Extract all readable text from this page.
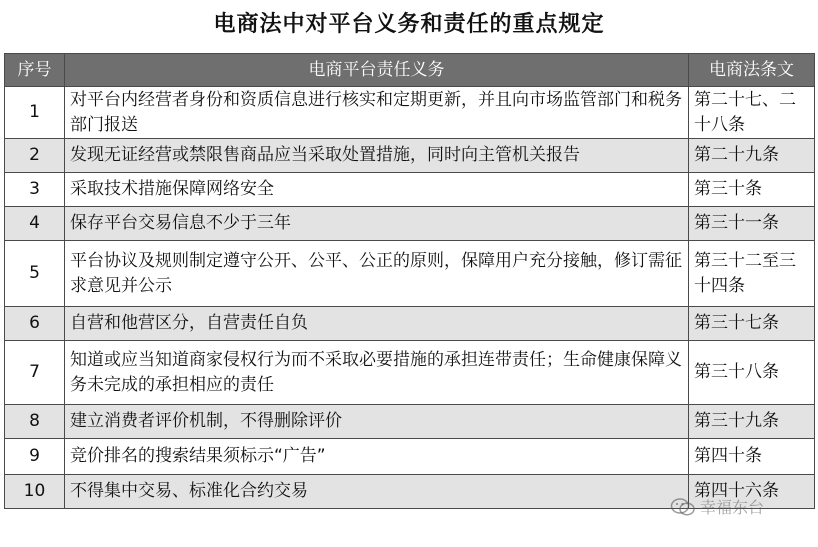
电商法中对平台义务和责任的重点规定
序号	电商平台责任义务	电商法条文
1	对平台内经营者身份和资质信息进行核实和定期更新，并且向市场监管部门和税务部门报送	第二十七、二十八条
2	发现无证经营或禁限售商品应当采取处置措施，同时向主管机关报告	第二十九条
3	采取技术措施保障网络安全	第三十条
4	保存平台交易信息不少于三年	第三十一条
5	平台协议及规则制定遵守公开、公平、公正的原则，保障用户充分接触，修订需征求意见并公示	第三十二至三十四条
6	自营和他营区分，自营责任自负	第三十七条
7	知道或应当知道商家侵权行为而不采取必要措施的承担连带责任；生命健康保障义务未完成的承担相应的责任	第三十八条
8	建立消费者评价机制，不得删除评价	第三十九条
9	竞价排名的搜索结果须标示“广告”	第四十条
10	不得集中交易、标准化合约交易	第四十六条
幸福东台
